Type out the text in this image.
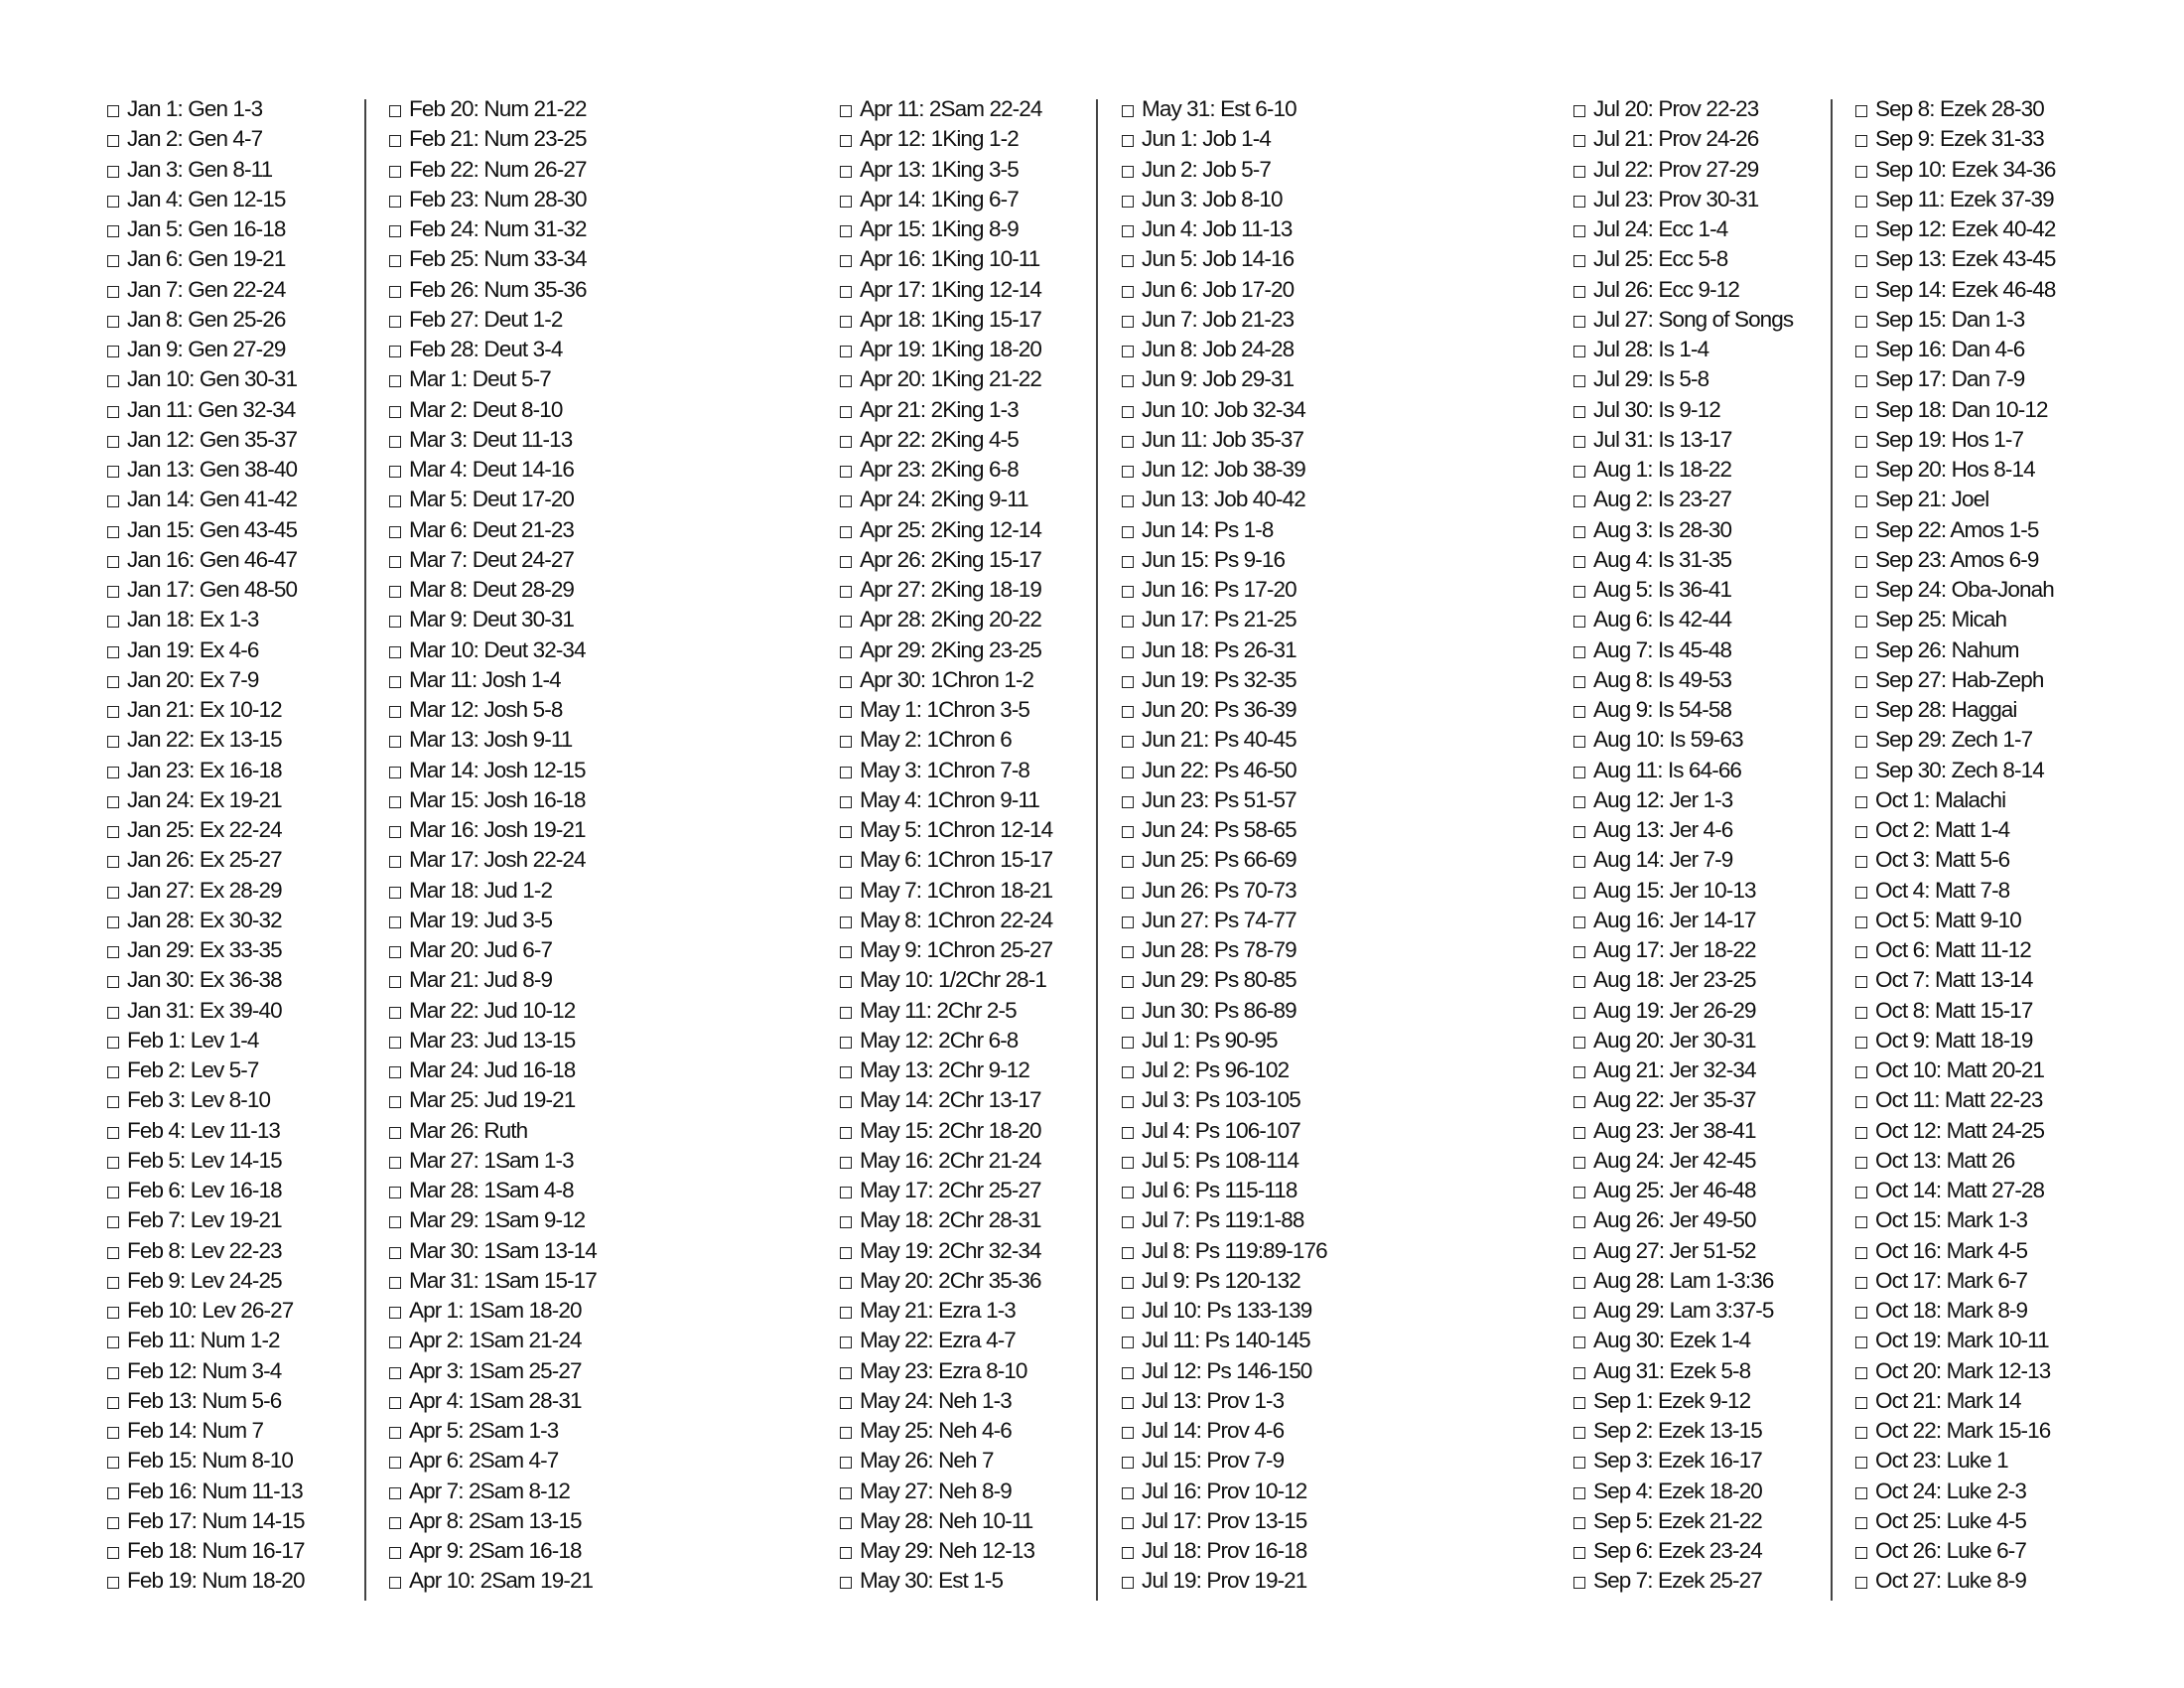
Jan 1: Gen 1-3
Jan 2: Gen 4-7
Jan 3: Gen 8-11
Jan 4: Gen 12-15
Jan 5: Gen 16-18
Jan 6: Gen 19-21
Jan 7: Gen 22-24
Jan 8: Gen 25-26
Jan 9: Gen 27-29
Jan 10: Gen 30-31
Jan 11: Gen 32-34
Jan 12: Gen 35-37
Jan 13: Gen 38-40
Jan 14: Gen 41-42
Jan 15: Gen 43-45
Jan 16: Gen 46-47
Jan 17: Gen 48-50
Jan 18: Ex 1-3
Jan 19: Ex 4-6
Jan 20: Ex 7-9
Jan 21: Ex 10-12
Jan 22: Ex 13-15
Jan 23: Ex 16-18
Jan 24: Ex 19-21
Jan 25: Ex 22-24
Jan 26: Ex 25-27
Jan 27: Ex 28-29
Jan 28: Ex 30-32
Jan 29: Ex 33-35
Jan 30: Ex 36-38
Jan 31: Ex 39-40
Feb 1: Lev 1-4
Feb 2: Lev 5-7
Feb 3: Lev 8-10
Feb 4: Lev 11-13
Feb 5: Lev 14-15
Feb 6: Lev 16-18
Feb 7: Lev 19-21
Feb 8: Lev 22-23
Feb 9: Lev 24-25
Feb 10: Lev 26-27
Feb 11: Num 1-2
Feb 12: Num 3-4
Feb 13: Num 5-6
Feb 14: Num 7
Feb 15: Num 8-10
Feb 16: Num 11-13
Feb 17: Num 14-15
Feb 18: Num 16-17
Feb 19: Num 18-20
Feb 20: Num 21-22
Feb 21: Num 23-25
Feb 22: Num 26-27
Feb 23: Num 28-30
Feb 24: Num 31-32
Feb 25: Num 33-34
Feb 26: Num 35-36
Feb 27: Deut 1-2
Feb 28: Deut 3-4
Mar 1: Deut 5-7
Mar 2: Deut 8-10
Mar 3: Deut 11-13
Mar 4: Deut 14-16
Mar 5: Deut 17-20
Mar 6: Deut 21-23
Mar 7: Deut 24-27
Mar 8: Deut 28-29
Mar 9: Deut 30-31
Mar 10: Deut 32-34
Mar 11: Josh 1-4
Mar 12: Josh 5-8
Mar 13: Josh 9-11
Mar 14: Josh 12-15
Mar 15: Josh 16-18
Mar 16: Josh 19-21
Mar 17: Josh 22-24
Mar 18: Jud 1-2
Mar 19: Jud 3-5
Mar 20: Jud 6-7
Mar 21: Jud 8-9
Mar 22: Jud 10-12
Mar 23: Jud 13-15
Mar 24: Jud 16-18
Mar 25: Jud 19-21
Mar 26: Ruth
Mar 27: 1Sam 1-3
Mar 28: 1Sam 4-8
Mar 29: 1Sam 9-12
Mar 30: 1Sam 13-14
Mar 31: 1Sam 15-17
Apr 1: 1Sam 18-20
Apr 2: 1Sam 21-24
Apr 3: 1Sam 25-27
Apr 4: 1Sam 28-31
Apr 5: 2Sam 1-3
Apr 6: 2Sam 4-7
Apr 7: 2Sam 8-12
Apr 8: 2Sam 13-15
Apr 9: 2Sam 16-18
Apr 10: 2Sam 19-21
Apr 11: 2Sam 22-24
Apr 12: 1King 1-2
Apr 13: 1King 3-5
Apr 14: 1King 6-7
Apr 15: 1King 8-9
Apr 16: 1King 10-11
Apr 17: 1King 12-14
Apr 18: 1King 15-17
Apr 19: 1King 18-20
Apr 20: 1King 21-22
Apr 21: 2King 1-3
Apr 22: 2King 4-5
Apr 23: 2King 6-8
Apr 24: 2King 9-11
Apr 25: 2King 12-14
Apr 26: 2King 15-17
Apr 27: 2King 18-19
Apr 28: 2King 20-22
Apr 29: 2King 23-25
Apr 30: 1Chron 1-2
May 1: 1Chron 3-5
May 2: 1Chron 6
May 3: 1Chron 7-8
May 4: 1Chron 9-11
May 5: 1Chron 12-14
May 6: 1Chron 15-17
May 7: 1Chron 18-21
May 8: 1Chron 22-24
May 9: 1Chron 25-27
May 10: 1/2Chr 28-1
May 11: 2Chr 2-5
May 12: 2Chr 6-8
May 13: 2Chr 9-12
May 14: 2Chr 13-17
May 15: 2Chr 18-20
May 16: 2Chr 21-24
May 17: 2Chr 25-27
May 18: 2Chr 28-31
May 19: 2Chr 32-34
May 20: 2Chr 35-36
May 21: Ezra 1-3
May 22: Ezra 4-7
May 23: Ezra 8-10
May 24: Neh 1-3
May 25: Neh 4-6
May 26: Neh 7
May 27: Neh 8-9
May 28: Neh 10-11
May 29: Neh 12-13
May 30: Est 1-5
May 31: Est 6-10
Jun 1: Job 1-4
Jun 2: Job 5-7
Jun 3: Job 8-10
Jun 4: Job 11-13
Jun 5: Job 14-16
Jun 6: Job 17-20
Jun 7: Job 21-23
Jun 8: Job 24-28
Jun 9: Job 29-31
Jun 10: Job 32-34
Jun 11: Job 35-37
Jun 12: Job 38-39
Jun 13: Job 40-42
Jun 14: Ps 1-8
Jun 15: Ps 9-16
Jun 16: Ps 17-20
Jun 17: Ps 21-25
Jun 18: Ps 26-31
Jun 19: Ps 32-35
Jun 20: Ps 36-39
Jun 21: Ps 40-45
Jun 22: Ps 46-50
Jun 23: Ps 51-57
Jun 24: Ps 58-65
Jun 25: Ps 66-69
Jun 26: Ps 70-73
Jun 27: Ps 74-77
Jun 28: Ps 78-79
Jun 29: Ps 80-85
Jun 30: Ps 86-89
Jul 1: Ps 90-95
Jul 2: Ps 96-102
Jul 3: Ps 103-105
Jul 4: Ps 106-107
Jul 5: Ps 108-114
Jul 6: Ps 115-118
Jul 7: Ps 119:1-88
Jul 8: Ps 119:89-176
Jul 9: Ps 120-132
Jul 10: Ps 133-139
Jul 11: Ps 140-145
Jul 12: Ps 146-150
Jul 13: Prov 1-3
Jul 14: Prov 4-6
Jul 15: Prov 7-9
Jul 16: Prov 10-12
Jul 17: Prov 13-15
Jul 18: Prov 16-18
Jul 19: Prov 19-21
Jul 20: Prov 22-23
Jul 21: Prov 24-26
Jul 22: Prov 27-29
Jul 23: Prov 30-31
Jul 24: Ecc 1-4
Jul 25: Ecc 5-8
Jul 26: Ecc 9-12
Jul 27: Song of Songs
Jul 28: Is 1-4
Jul 29: Is 5-8
Jul 30: Is 9-12
Jul 31: Is 13-17
Aug 1: Is 18-22
Aug 2: Is 23-27
Aug 3: Is 28-30
Aug 4: Is 31-35
Aug 5: Is 36-41
Aug 6: Is 42-44
Aug 7: Is 45-48
Aug 8: Is 49-53
Aug 9: Is 54-58
Aug 10: Is 59-63
Aug 11: Is 64-66
Aug 12: Jer 1-3
Aug 13: Jer 4-6
Aug 14: Jer 7-9
Aug 15: Jer 10-13
Aug 16: Jer 14-17
Aug 17: Jer 18-22
Aug 18: Jer 23-25
Aug 19: Jer 26-29
Aug 20: Jer 30-31
Aug 21: Jer 32-34
Aug 22: Jer 35-37
Aug 23: Jer 38-41
Aug 24: Jer 42-45
Aug 25: Jer 46-48
Aug 26: Jer 49-50
Aug 27: Jer 51-52
Aug 28: Lam 1-3:36
Aug 29: Lam 3:37-5
Aug 30: Ezek 1-4
Aug 31: Ezek 5-8
Sep 1: Ezek 9-12
Sep 2: Ezek 13-15
Sep 3: Ezek 16-17
Sep 4: Ezek 18-20
Sep 5: Ezek 21-22
Sep 6: Ezek 23-24
Sep 7: Ezek 25-27
Sep 8: Ezek 28-30
Sep 9: Ezek 31-33
Sep 10: Ezek 34-36
Sep 11: Ezek 37-39
Sep 12: Ezek 40-42
Sep 13: Ezek 43-45
Sep 14: Ezek 46-48
Sep 15: Dan 1-3
Sep 16: Dan 4-6
Sep 17: Dan 7-9
Sep 18: Dan 10-12
Sep 19: Hos 1-7
Sep 20: Hos 8-14
Sep 21: Joel
Sep 22: Amos 1-5
Sep 23: Amos 6-9
Sep 24: Oba-Jonah
Sep 25: Micah
Sep 26: Nahum
Sep 27: Hab-Zeph
Sep 28: Haggai
Sep 29: Zech 1-7
Sep 30: Zech 8-14
Oct 1: Malachi
Oct 2: Matt 1-4
Oct 3: Matt 5-6
Oct 4: Matt 7-8
Oct 5: Matt 9-10
Oct 6: Matt 11-12
Oct 7: Matt 13-14
Oct 8: Matt 15-17
Oct 9: Matt 18-19
Oct 10: Matt 20-21
Oct 11: Matt 22-23
Oct 12: Matt 24-25
Oct 13: Matt 26
Oct 14: Matt 27-28
Oct 15: Mark 1-3
Oct 16: Mark 4-5
Oct 17: Mark 6-7
Oct 18: Mark 8-9
Oct 19: Mark 10-11
Oct 20: Mark 12-13
Oct 21: Mark 14
Oct 22: Mark 15-16
Oct 23: Luke 1
Oct 24: Luke 2-3
Oct 25: Luke 4-5
Oct 26: Luke 6-7
Oct 27: Luke 8-9
